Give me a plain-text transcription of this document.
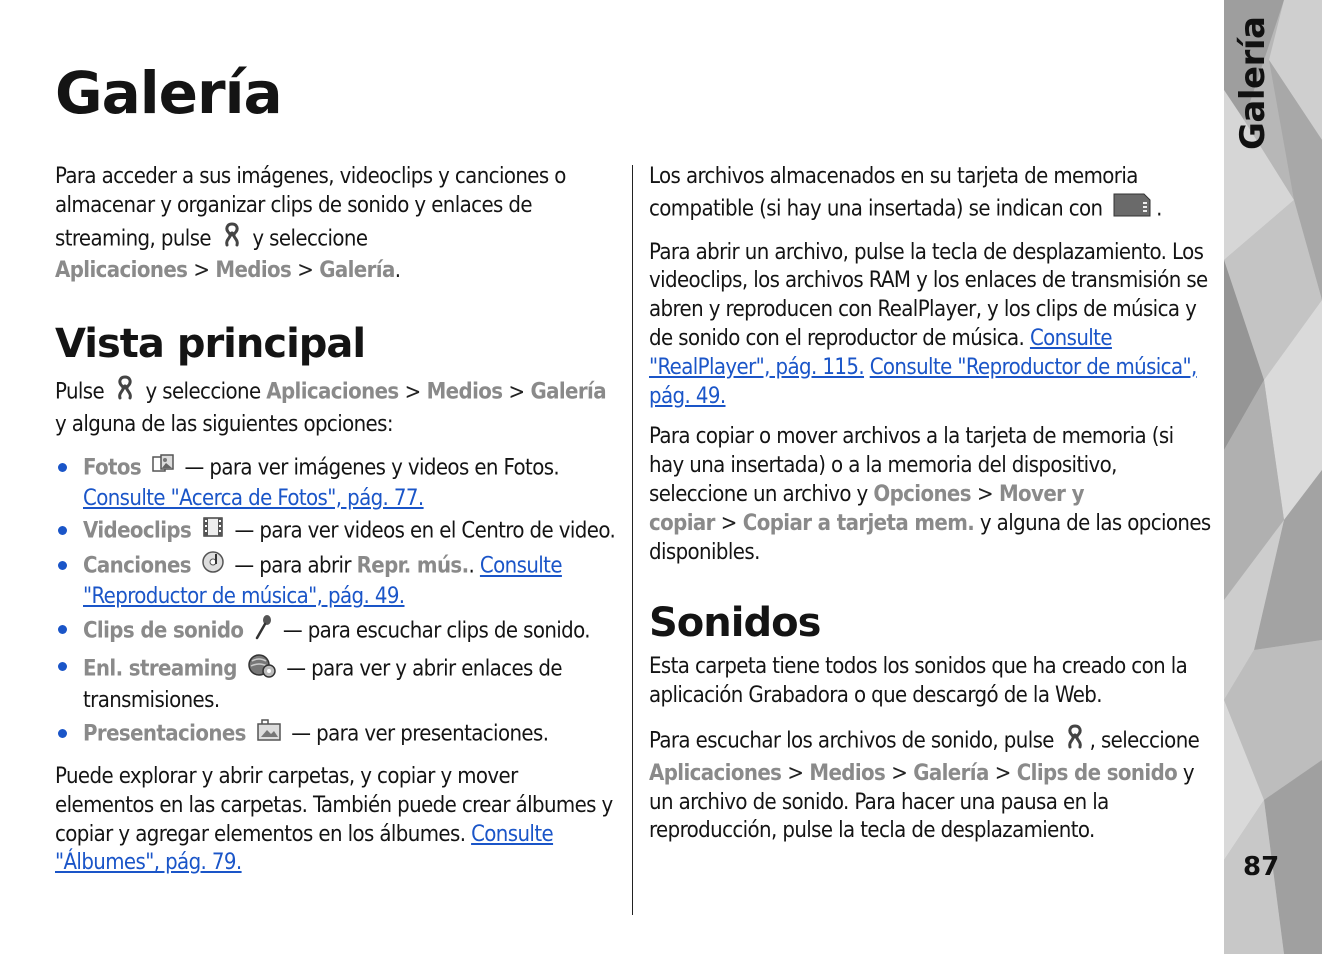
Galería
87
Galería

Para acceder a sus imágenes, videoclips y canciones o almacenar y organizar clips de sonido y enlaces de streaming, pulse y seleccione Aplicaciones > Medios > Galería.

Vista principal

Pulse y seleccione Aplicaciones > Medios > Galería y alguna de las siguientes opciones:

Fotos — para ver imágenes y videos en Fotos. Consulte "Acerca de Fotos", pág. 77.
Videoclips — para ver videos en el Centro de video.
Canciones — para abrir Repr. mús.. Consulte "Reproductor de música", pág. 49.
Clips de sonido — para escuchar clips de sonido.
Enl. streaming — para ver y abrir enlaces de transmisiones.
Presentaciones — para ver presentaciones.

Puede explorar y abrir carpetas, y copiar y mover elementos en las carpetas. También puede crear álbumes y copiar y agregar elementos en los álbumes. Consulte "Álbumes", pág. 79.

Los archivos almacenados en su tarjeta de memoria compatible (si hay una insertada) se indican con .

Para abrir un archivo, pulse la tecla de desplazamiento. Los videoclips, los archivos RAM y los enlaces de transmisión se abren y reproducen con RealPlayer, y los clips de música y de sonido con el reproductor de música. Consulte "RealPlayer", pág. 115. Consulte "Reproductor de música", pág. 49.

Para copiar o mover archivos a la tarjeta de memoria (si hay una insertada) o a la memoria del dispositivo, seleccione un archivo y Opciones > Mover y copiar > Copiar a tarjeta mem. y alguna de las opciones disponibles.

Sonidos

Esta carpeta tiene todos los sonidos que ha creado con la aplicación Grabadora o que descargó de la Web.

Para escuchar los archivos de sonido, pulse , seleccione Aplicaciones > Medios > Galería > Clips de sonido y un archivo de sonido. Para hacer una pausa en la reproducción, pulse la tecla de desplazamiento.
